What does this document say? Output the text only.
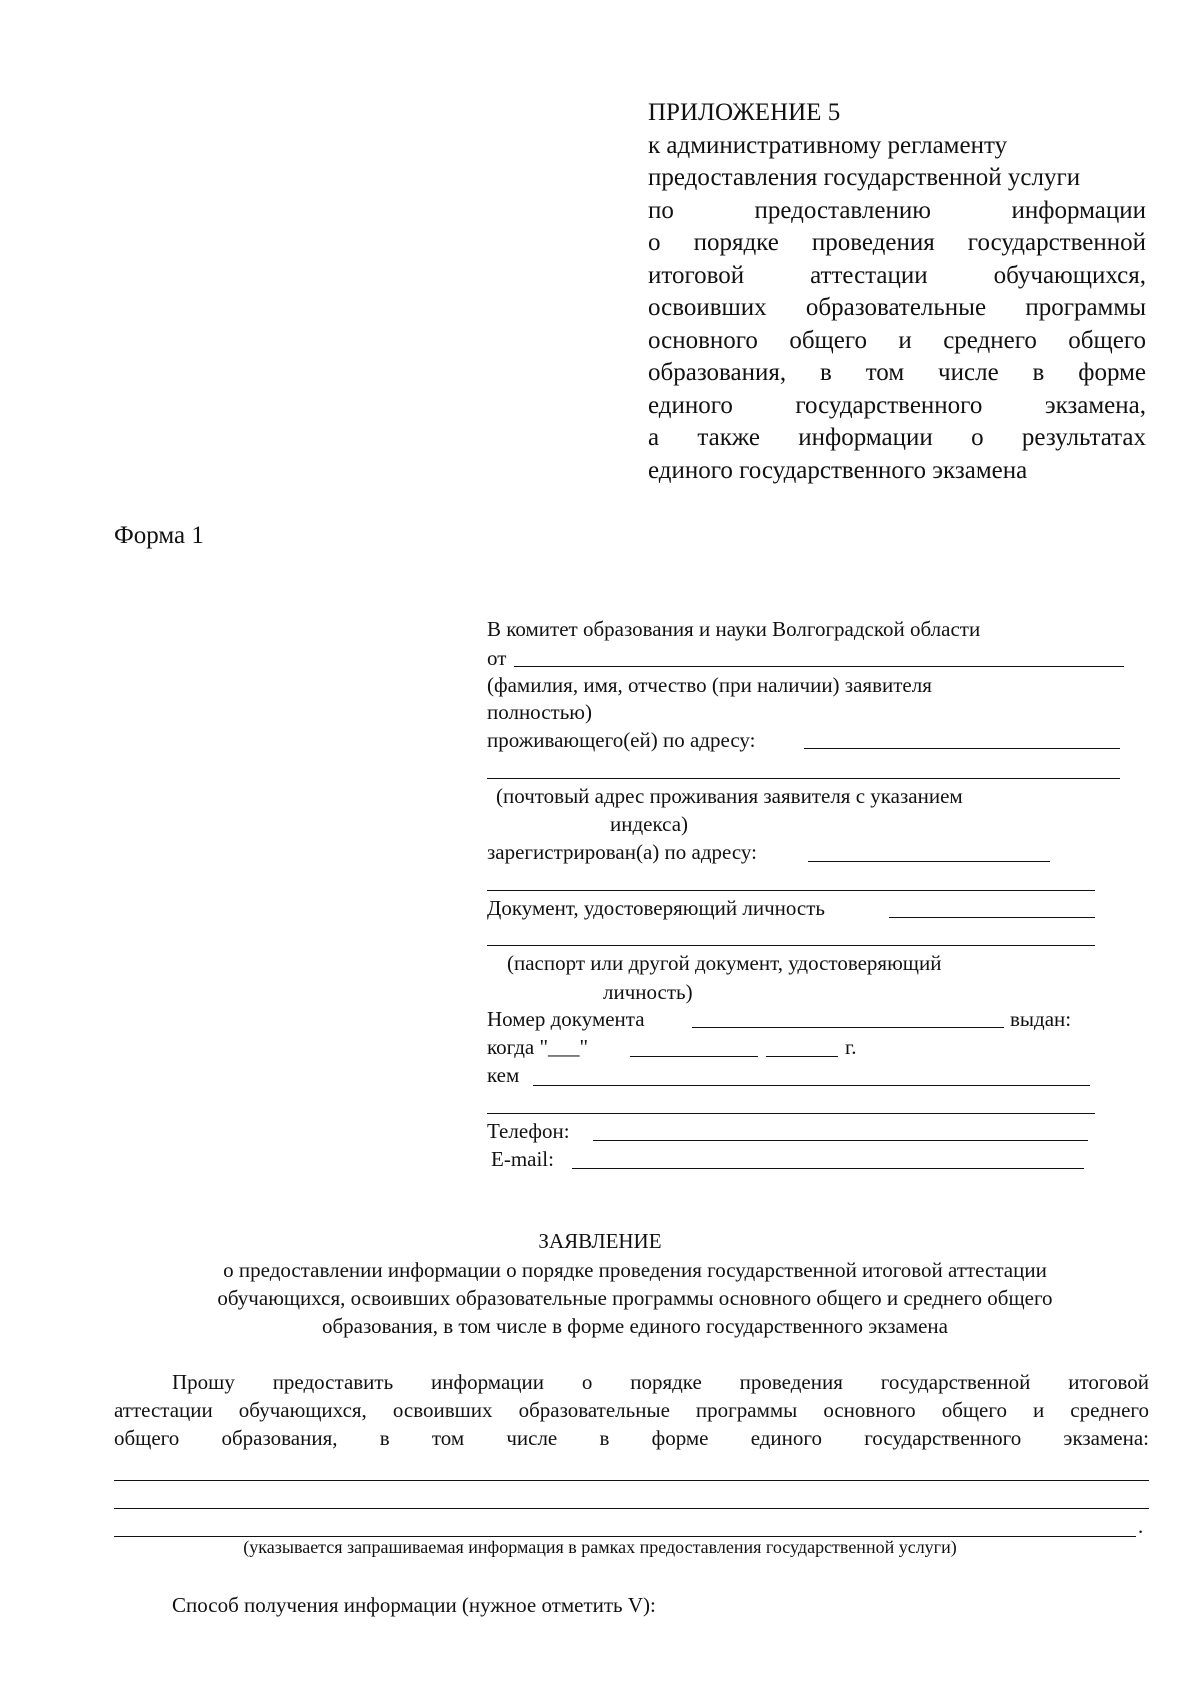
ПРИЛОЖЕНИЕ 5
к административному регламенту
предоставления государственной услуги
по предоставлению информации
о порядке проведения государственной
итоговой аттестации обучающихся,
освоивших образовательные программы
основного общего и среднего общего
образования, в том числе в форме
единого государственного экзамена,
а также информации о результатах
единого государственного экзамена
Форма 1
В комитет образования и науки Волгоградской области
от
(фамилия, имя, отчество (при наличии) заявителя
полностью)
проживающего(ей) по адресу:
(почтовый адрес проживания заявителя с указанием
индекса)
зарегистрирован(а) по адресу:
Документ, удостоверяющий личность
(паспорт или другой документ, удостоверяющий
личность)
Номер документа	выдан:
когда "___"	г.
кем
Телефон:
E-mail:
ЗАЯВЛЕНИЕ
о предоставлении информации о порядке проведения государственной итоговой аттестации
обучающихся, освоивших образовательные программы основного общего и среднего общего
образования, в том числе в форме единого государственного экзамена
Прошу предоставить информации о порядке проведения государственной итоговой
аттестации обучающихся, освоивших образовательные программы основного общего и среднего
общего образования, в том числе в форме единого государственного экзамена:
.
(указывается запрашиваемая информация в рамках предоставления государственной услуги)
Способ получения информации (нужное отметить V):
